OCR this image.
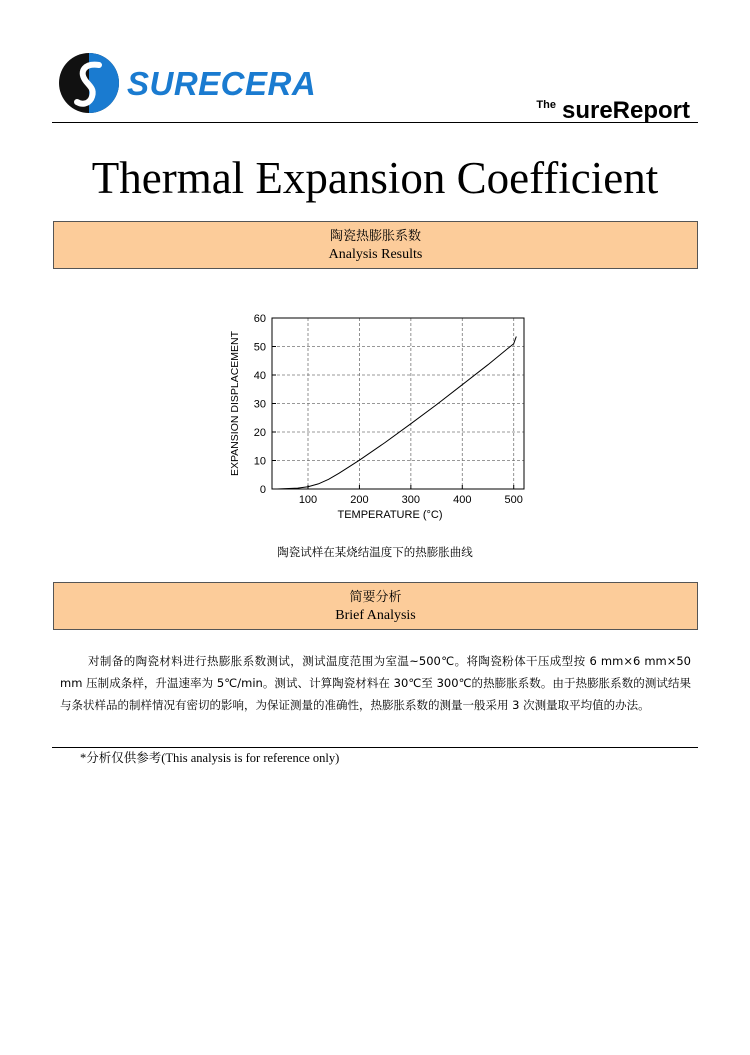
SURECERA
$^{The}$ sureReport
Thermal Expansion Coefficient
陶瓷热膨胀系数
Analysis Results
100	200	300	400	500
0
10
20
30
40
50
60
TEMPERATURE (°C)
EXPANSION DISPLACEMENT
陶瓷试样在某烧结温度下的热膨胀曲线
简要分析
Brief Analysis
对制备的陶瓷材料进行热膨胀系数测试，测试温度范围为室温~500℃。将陶瓷粉体干压成型按 6 mm×6 mm×50 mm 压制成条样，升温速率为 5℃/min。测试、计算陶瓷材料在 30℃至 300℃的热膨胀系数。由于热膨胀系数的测试结果与条状样品的制样情况有密切的影响，为保证测量的准确性，热膨胀系数的测量一般采用 3 次测量取平均值的办法。
*分析仅供参考(This analysis is for reference only)
